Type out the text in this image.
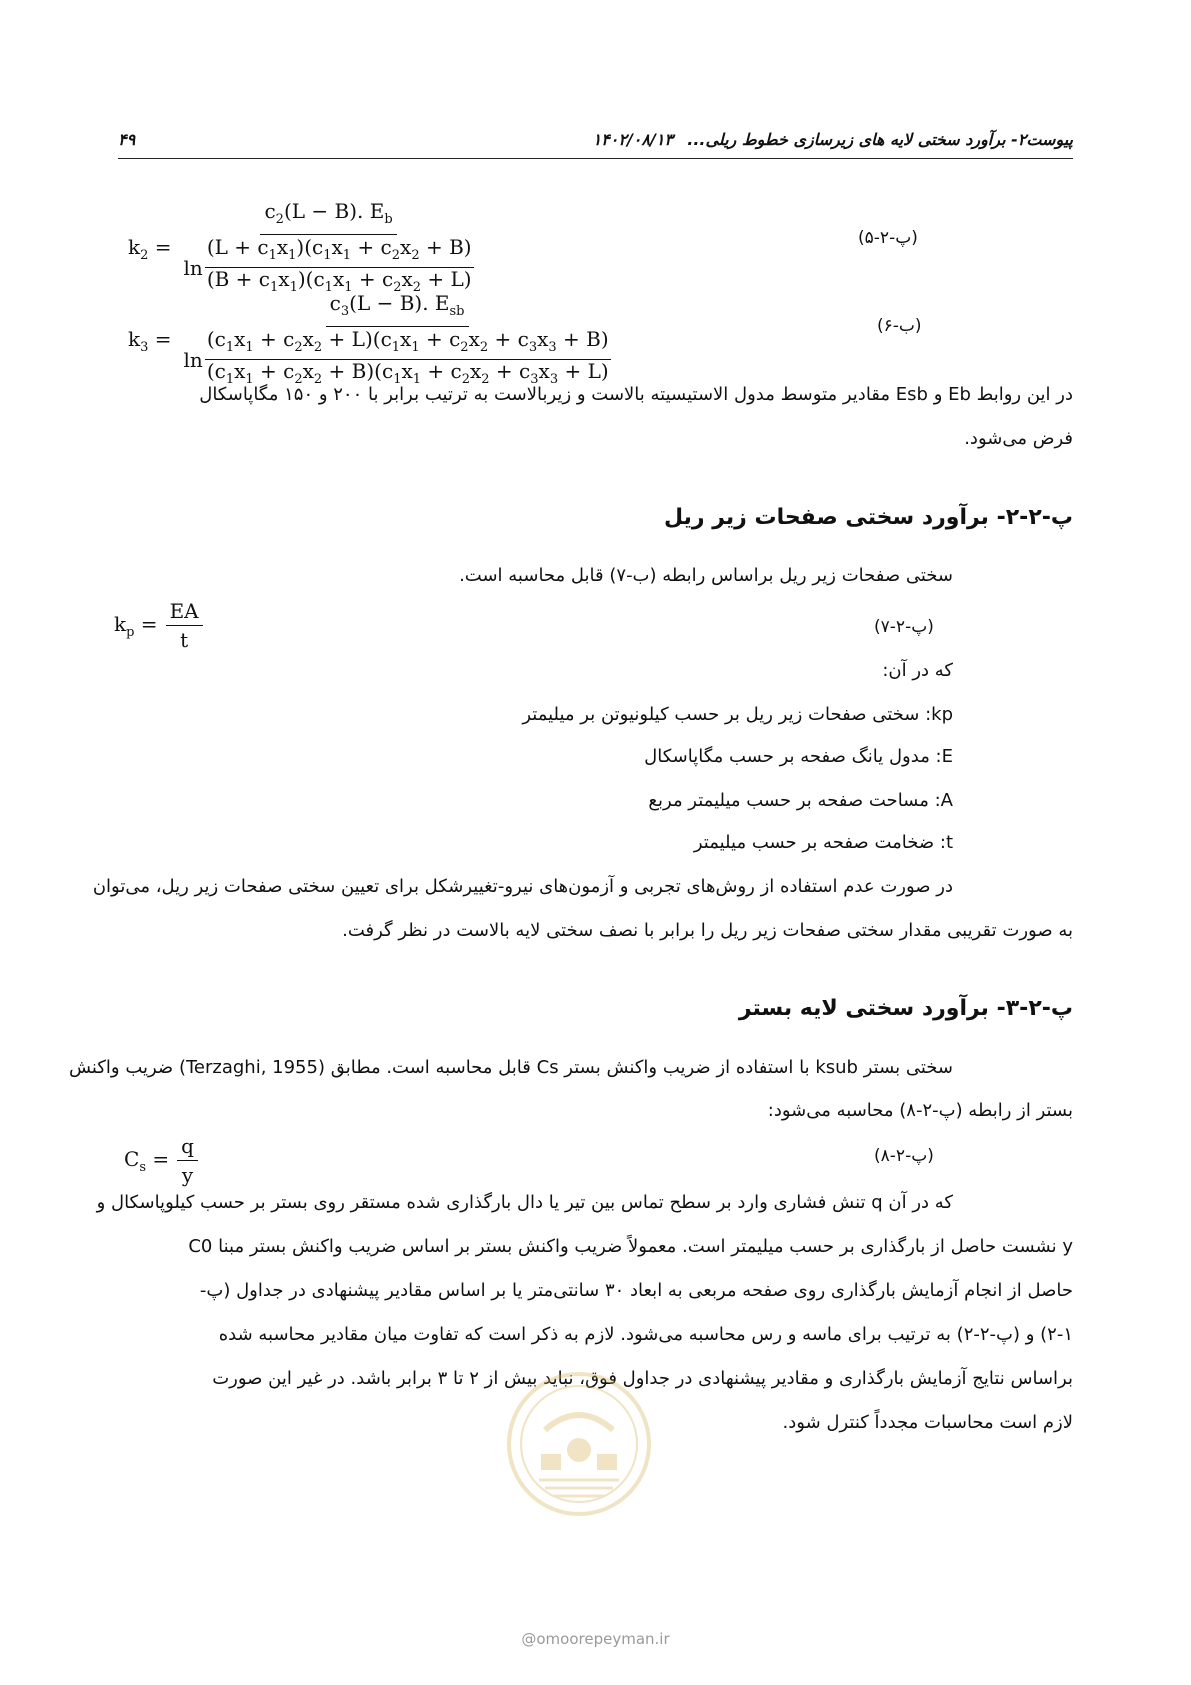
پیوست۲- برآورد سختی لایه های زیرسازی خطوط ریلی...
۱۴۰۲/۰۸/۱۳
۴۹
$k_2$ =
$c_2(L - B)$. $E_b$
$\ln \frac{(L + c_1x_1)(c_1x_1 + c_2x_2 + B)}{(B + c_1x_1)(c_1x_1 + c_2x_2 + L)}$	(پ-۲-۵)
$k_3$ =
$c_3(L - B)$. $E_{sb}$
$\ln \frac{(c_1x_1 + c_2x_2 + L)(c_1x_1 + c_2x_2 + c_3x_3 + B)}{(c_1x_1 + c_2x_2 + B)(c_1x_1 + c_2x_2 + c_3x_3 + L)}$
(ب-۶)
در این روابط Eb و Esb مقادیر متوسط مدول الاستیسیته بالاست و زیربالاست به ترتیب برابر با ۲۰۰ و ۱۵۰ مگاپاسکال
فرض می‌شود.
پ-۲-۲- برآورد سختی صفحات زیر ریل
سختی صفحات زیر ریل براساس رابطه (ب-۷) قابل محاسبه است.
$k_p = \frac{EA}{t}$	(پ-۲-۷)
که در آن:
kp: سختی صفحات زیر ریل بر حسب کیلونیوتن بر میلیمتر
E: مدول یانگ صفحه بر حسب مگاپاسکال
A: مساحت صفحه بر حسب میلیمتر مربع
t: ضخامت صفحه بر حسب میلیمتر
در صورت عدم استفاده از روش‌های تجربی و آزمون‌های نیرو-تغییرشکل برای تعیین سختی صفحات زیر ریل، می‌توان
به صورت تقریبی مقدار سختی صفحات زیر ریل را برابر با نصف سختی لایه بالاست در نظر گرفت.
پ-۲-۳- برآورد سختی لایه بستر
سختی بستر ksub با استفاده از ضریب واکنش بستر Cs قابل محاسبه است. مطابق (Terzaghi, 1955) ضریب واکنش
بستر از رابطه (پ-۲-۸) محاسبه می‌شود:
$C_s = \frac{q}{y}$	(پ-۲-۸)
که در آن q تنش فشاری وارد بر سطح تماس بین تیر یا دال بارگذاری شده مستقر روی بستر بر حسب کیلوپاسکال و
y نشست حاصل از بارگذاری بر حسب میلیمتر است. معمولاً ضریب واکنش بستر بر اساس ضریب واکنش بستر مبنا C0
حاصل از انجام آزمایش بارگذاری روی صفحه مربعی به ابعاد ۳۰ سانتی‌متر یا بر اساس مقادیر پیشنهادی در جداول (پ-
۲-۱) و (پ-۲-۲) به ترتیب برای ماسه و رس محاسبه می‌شود. لازم به ذکر است که تفاوت میان مقادیر محاسبه شده
براساس نتایج آزمایش بارگذاری و مقادیر پیشنهادی در جداول فوق، نباید بیش از ۲ تا ۳ برابر باشد. در غیر این صورت
لازم است محاسبات مجدداً کنترل شود.
@omoorepeyman.ir
